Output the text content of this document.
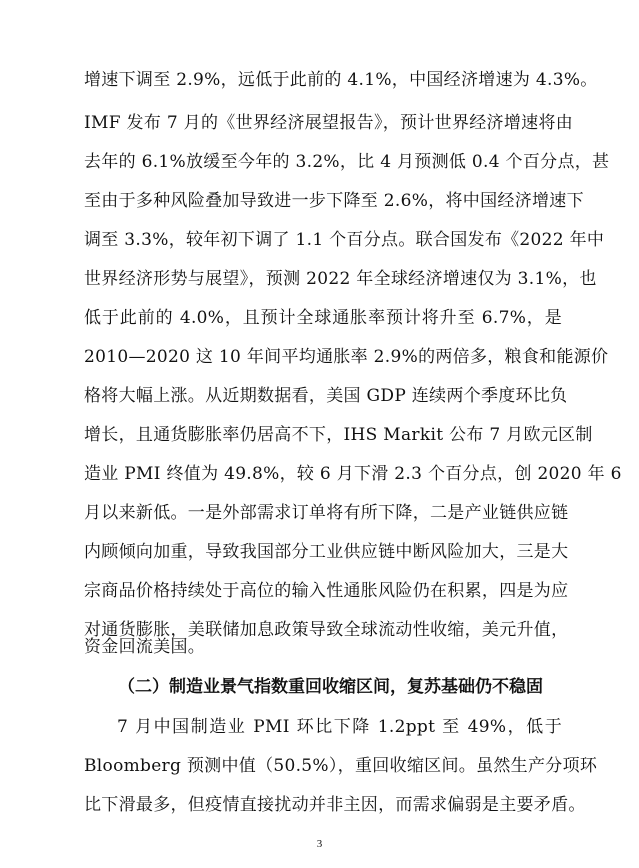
增速下调至 2.9%，远低于此前的 4.1%，中国经济增速为 4.3%。
IMF 发布 7 月的《世界经济展望报告》，预计世界经济增速将由
去年的 6.1%放缓至今年的 3.2%，比 4 月预测低 0.4 个百分点，甚
至由于多种风险叠加导致进一步下降至 2.6%，将中国经济增速下
调至 3.3%，较年初下调了 1.1 个百分点。联合国发布《2022 年中
世界经济形势与展望》，预测 2022 年全球经济增速仅为 3.1%，也
低于此前的 4.0%，且预计全球通胀率预计将升至 6.7%，是
2010—2020 这 10 年间平均通胀率 2.9%的两倍多，粮食和能源价
格将大幅上涨。从近期数据看，美国 GDP 连续两个季度环比负
增长，且通货膨胀率仍居高不下，IHS Markit 公布 7 月欧元区制
造业 PMI 终值为 49.8%，较 6 月下滑 2.3 个百分点，创 2020 年 6
月以来新低。一是外部需求订单将有所下降，二是产业链供应链
内顾倾向加重，导致我国部分工业供应链中断风险加大，三是大
宗商品价格持续处于高位的输入性通胀风险仍在积累，四是为应
对通货膨胀，美联储加息政策导致全球流动性收缩，美元升值，
资金回流美国。
（二）制造业景气指数重回收缩区间，复苏基础仍不稳固
7 月中国制造业 PMI 环比下降 1.2ppt 至 49%，低于
Bloomberg 预测中值（50.5%），重回收缩区间。虽然生产分项环
比下滑最多，但疫情直接扰动并非主因，而需求偏弱是主要矛盾。
3
